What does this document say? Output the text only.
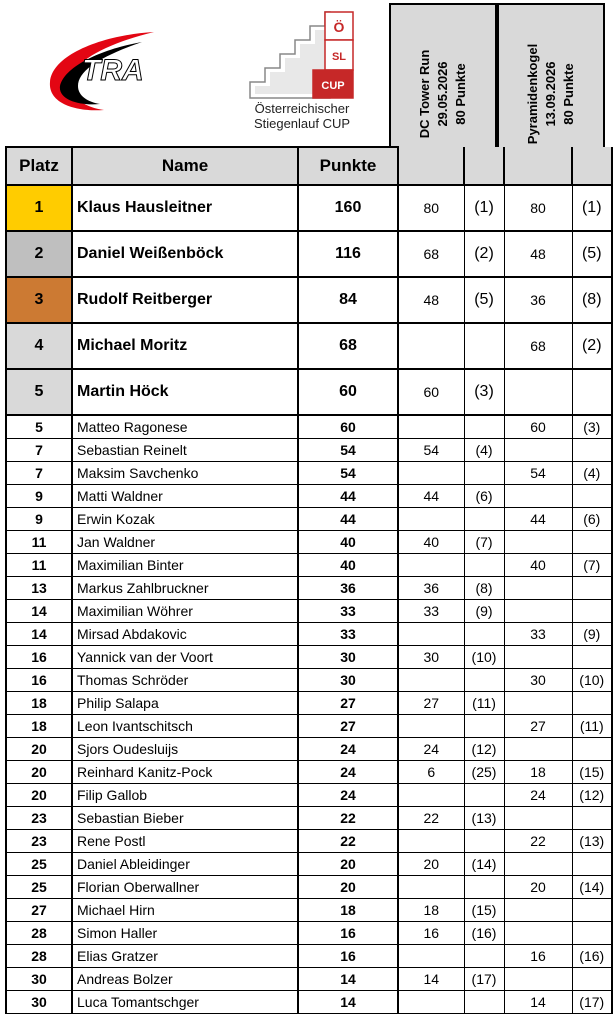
TRA
Ö
SL
CUP
Österreichischer
Stiegenlauf CUP	DC Tower Run 29.05.2026 80 Punkte	Pyramidenkogel 13.09.2026 80 Punkte
Platz	Name	Punkte				
1	Klaus Hausleitner	160	80	(1)	80	(1)
2	Daniel Weißenböck	116	68	(2)	48	(5)
3	Rudolf Reitberger	84	48	(5)	36	(8)
4	Michael Moritz	68			68	(2)
5	Martin Höck	60	60	(3)		
5	Matteo Ragonese	60			60	(3)
7	Sebastian Reinelt	54	54	(4)		
7	Maksim Savchenko	54			54	(4)
9	Matti Waldner	44	44	(6)		
9	Erwin Kozak	44			44	(6)
11	Jan Waldner	40	40	(7)		
11	Maximilian Binter	40			40	(7)
13	Markus Zahlbruckner	36	36	(8)		
14	Maximilian Wöhrer	33	33	(9)		
14	Mirsad Abdakovic	33			33	(9)
16	Yannick van der Voort	30	30	(10)		
16	Thomas Schröder	30			30	(10)
18	Philip Salapa	27	27	(11)		
18	Leon Ivantschitsch	27			27	(11)
20	Sjors Oudesluijs	24	24	(12)		
20	Reinhard Kanitz-Pock	24	6	(25)	18	(15)
20	Filip Gallob	24			24	(12)
23	Sebastian Bieber	22	22	(13)		
23	Rene Postl	22			22	(13)
25	Daniel Ableidinger	20	20	(14)		
25	Florian Oberwallner	20			20	(14)
27	Michael Hirn	18	18	(15)		
28	Simon Haller	16	16	(16)		
28	Elias Gratzer	16			16	(16)
30	Andreas Bolzer	14	14	(17)		
30	Luca Tomantschger	14			14	(17)
